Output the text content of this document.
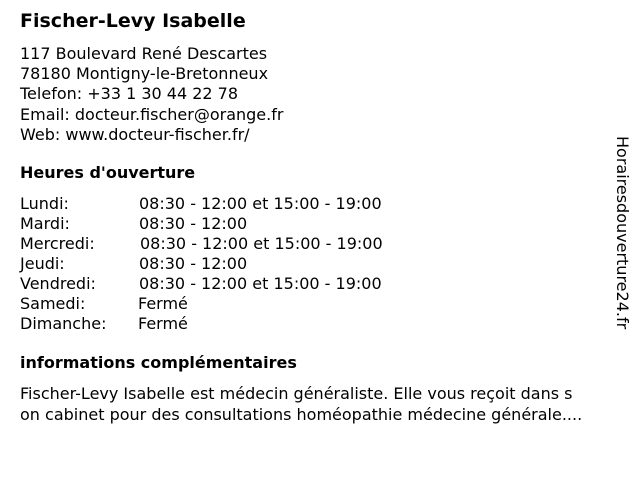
Fischer-Levy Isabelle
117 Boulevard René Descartes
78180 Montigny-le-Bretonneux
Telefon: +33 1 30 44 22 78
Email: docteur.fischer@orange.fr
Web: www.docteur-fischer.fr/
Heures d'ouverture
Lundi:	08:30 - 12:00 et 15:00 - 19:00
Mardi:	08:30 - 12:00
Mercredi:	08:30 - 12:00 et 15:00 - 19:00
Jeudi:	08:30 - 12:00
Vendredi:	08:30 - 12:00 et 15:00 - 19:00
Samedi:	Fermé
Dimanche: Fermé
informations complémentaires
Fischer-Levy Isabelle est médecin généraliste. Elle vous reçoit dans s
on cabinet pour des consultations homéopathie médecine générale....
Horairesdouverture24.fr
